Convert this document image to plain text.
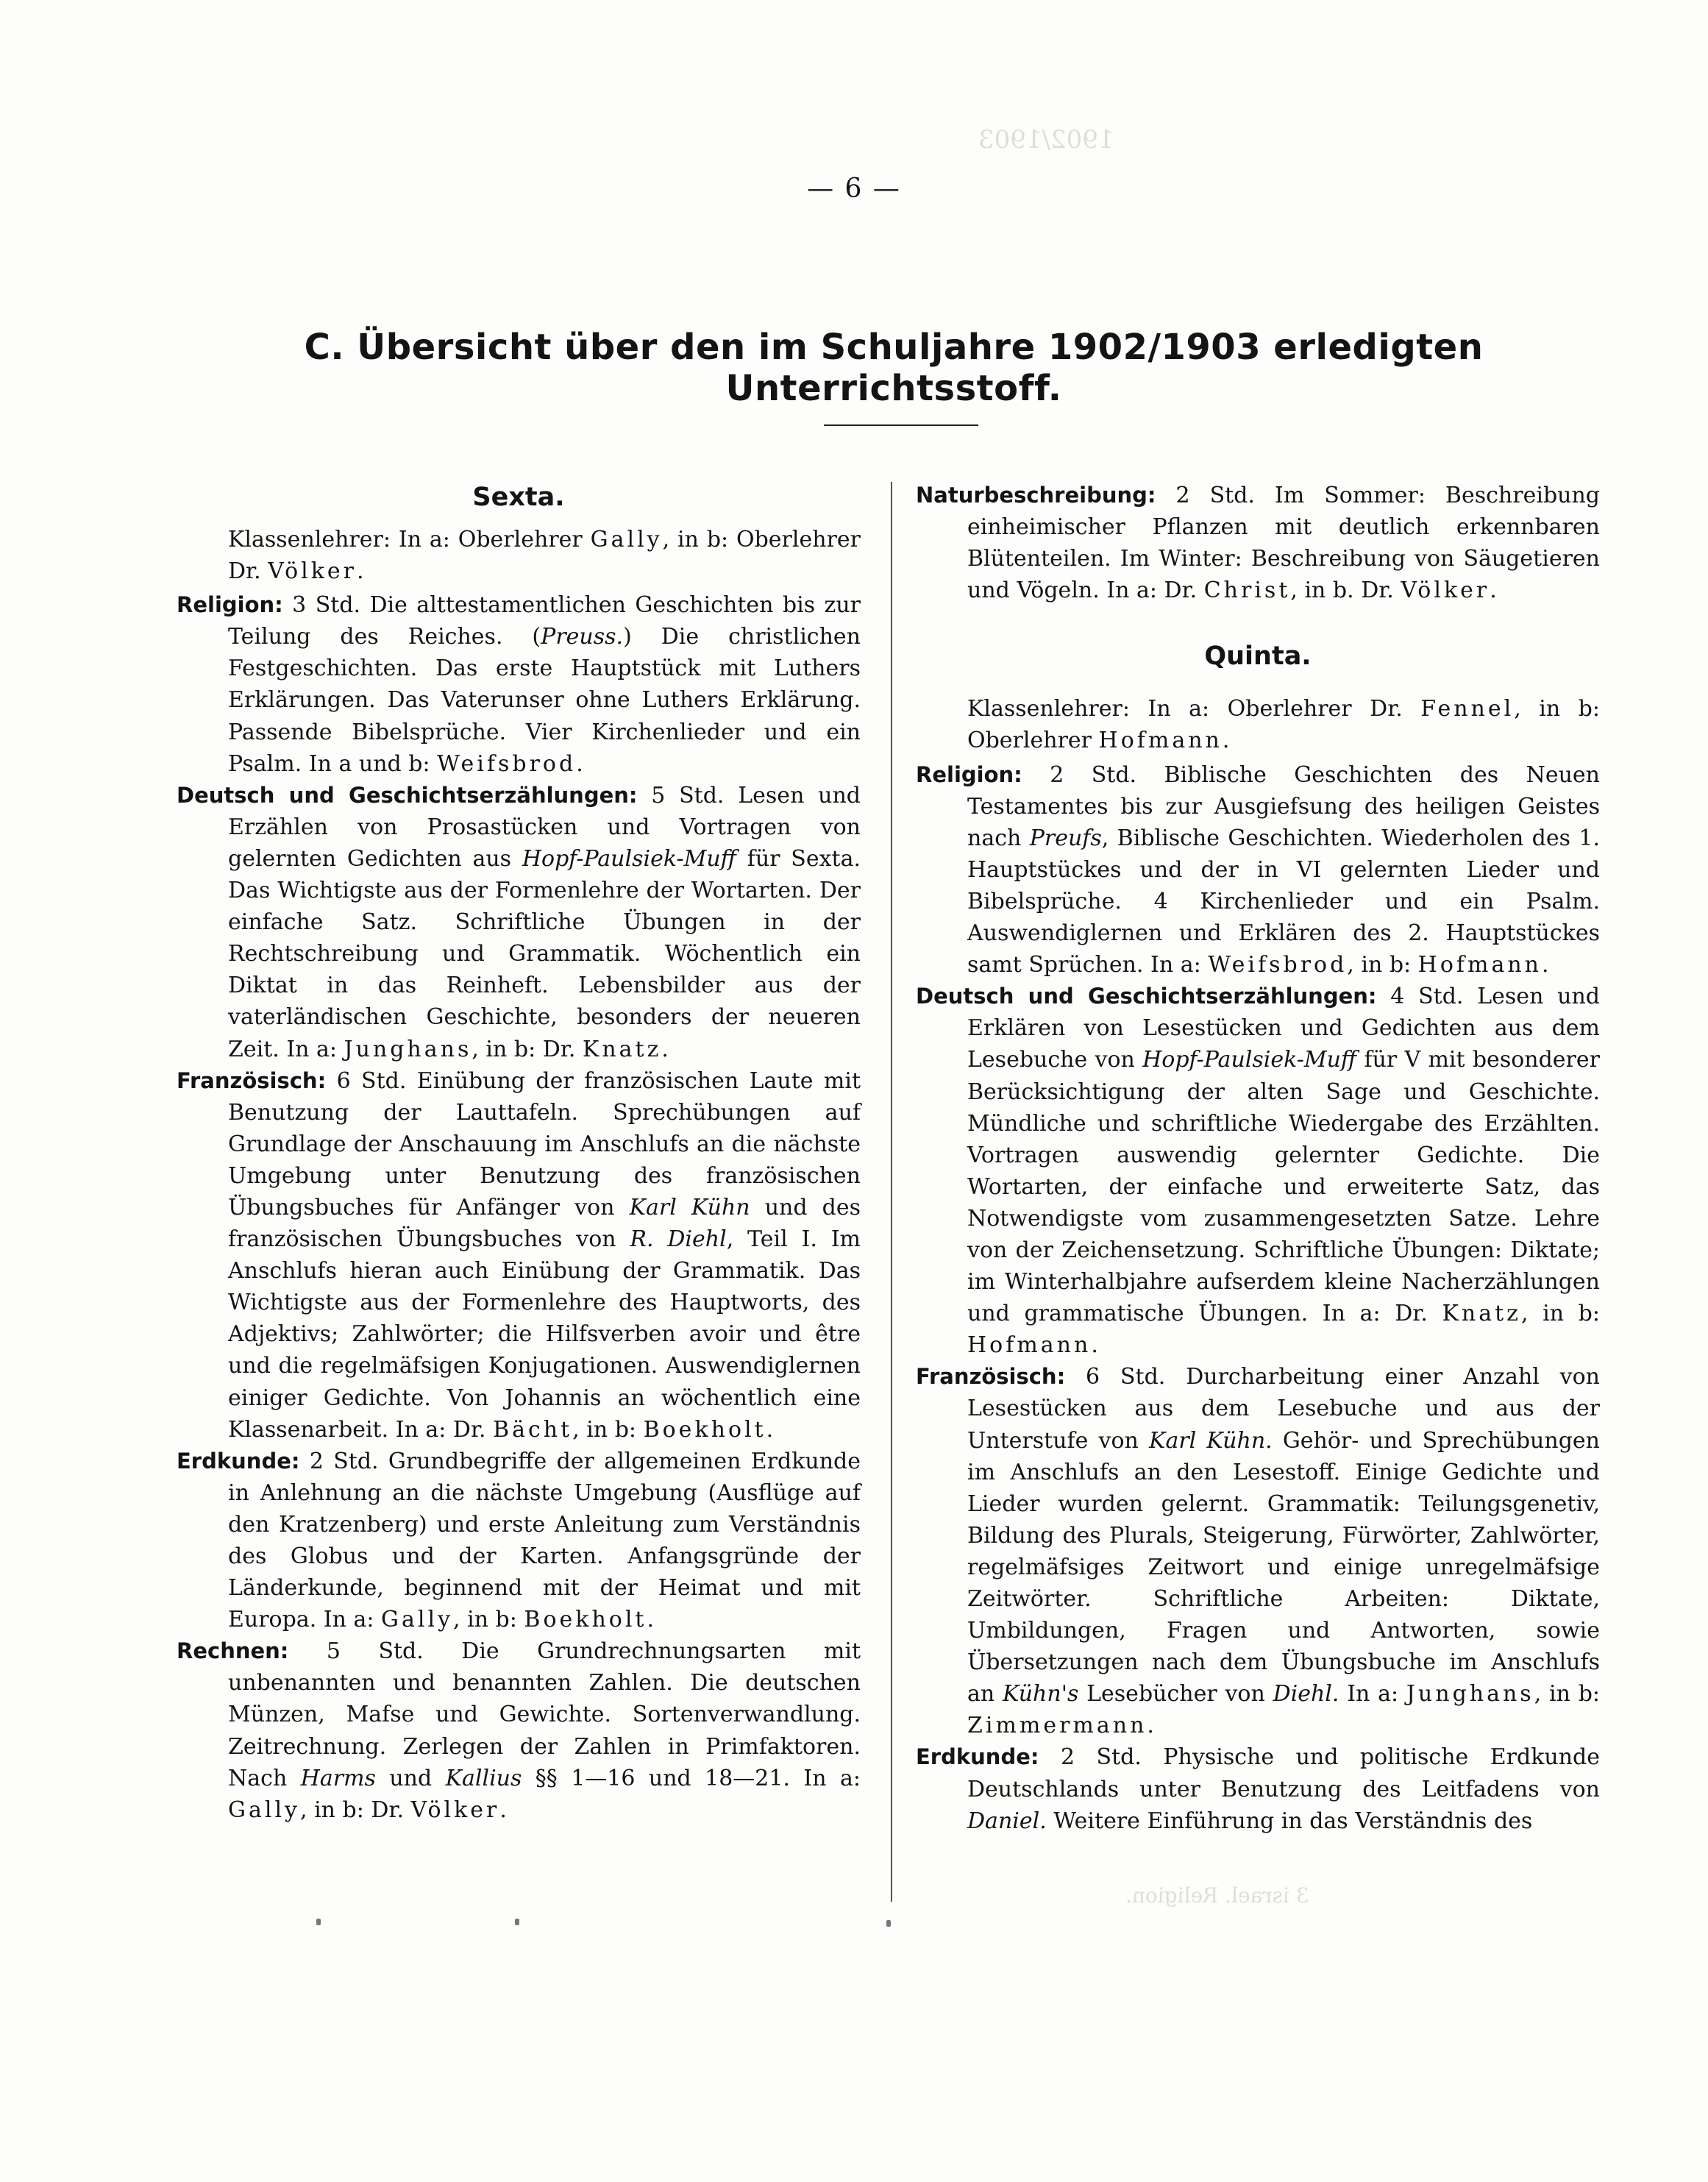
1902/1903
3 israel. Religion.
— 6 —
C. Übersicht über den im Schuljahre 1902/1903 erledigten Unterrichtsstoff.
Sexta.

Klassenlehrer: In a: Oberlehrer Gally, in b: Oberlehrer Dr. Völker.

Religion: 3 Std. Die alttestamentlichen Geschichten bis zur Teilung des Reiches. (Preuss.) Die christlichen Festgeschichten. Das erste Hauptstück mit Luthers Erklärungen. Das Vaterunser ohne Luthers Erklärung. Passende Bibelsprüche. Vier Kirchenlieder und ein Psalm. In a und b: Weifsbrod.

Deutsch und Geschichtserzählungen: 5 Std. Lesen und Erzählen von Prosastücken und Vortragen von gelernten Gedichten aus Hopf-Paulsiek-Muff für Sexta. Das Wichtigste aus der Formenlehre der Wortarten. Der einfache Satz. Schriftliche Übungen in der Rechtschreibung und Grammatik. Wöchentlich ein Diktat in das Reinheft. Lebensbilder aus der vaterländischen Geschichte, besonders der neueren Zeit. In a: Junghans, in b: Dr. Knatz.

Französisch: 6 Std. Einübung der französischen Laute mit Benutzung der Lauttafeln. Sprechübungen auf Grundlage der Anschauung im Anschlufs an die nächste Umgebung unter Benutzung des französischen Übungsbuches für Anfänger von Karl Kühn und des französischen Übungsbuches von R. Diehl, Teil I. Im Anschlufs hieran auch Einübung der Grammatik. Das Wichtigste aus der Formenlehre des Hauptworts, des Adjektivs; Zahlwörter; die Hilfsverben avoir und être und die regelmäfsigen Konjugationen. Auswendiglernen einiger Gedichte. Von Johannis an wöchentlich eine Klassenarbeit. In a: Dr. Bächt, in b: Boekholt.

Erdkunde: 2 Std. Grundbegriffe der allgemeinen Erdkunde in Anlehnung an die nächste Umgebung (Ausflüge auf den Kratzenberg) und erste Anleitung zum Verständnis des Globus und der Karten. Anfangsgründe der Länderkunde, beginnend mit der Heimat und mit Europa. In a: Gally, in b: Boekholt.

Rechnen: 5 Std. Die Grundrechnungsarten mit unbenannten und benannten Zahlen. Die deutschen Münzen, Mafse und Gewichte. Sortenverwandlung. Zeitrechnung. Zerlegen der Zahlen in Primfaktoren. Nach Harms und Kallius §§ 1—16 und 18—21. In a: Gally, in b: Dr. Völker.

Naturbeschreibung: 2 Std. Im Sommer: Beschreibung einheimischer Pflanzen mit deutlich erkennbaren Blütenteilen. Im Winter: Beschreibung von Säugetieren und Vögeln. In a: Dr. Christ, in b. Dr. Völker.

Quinta.

Klassenlehrer: In a: Oberlehrer Dr. Fennel, in b: Oberlehrer Hofmann.

Religion: 2 Std. Biblische Geschichten des Neuen Testamentes bis zur Ausgiefsung des heiligen Geistes nach Preufs, Biblische Geschichten. Wiederholen des 1. Hauptstückes und der in VI gelernten Lieder und Bibelsprüche. 4 Kirchenlieder und ein Psalm. Auswendiglernen und Erklären des 2. Hauptstückes samt Sprüchen. In a: Weifsbrod, in b: Hofmann.

Deutsch und Geschichtserzählungen: 4 Std. Lesen und Erklären von Lesestücken und Gedichten aus dem Lesebuche von Hopf-Paulsiek-Muff für V mit besonderer Berücksichtigung der alten Sage und Geschichte. Mündliche und schriftliche Wiedergabe des Erzählten. Vortragen auswendig gelernter Gedichte. Die Wortarten, der einfache und erweiterte Satz, das Notwendigste vom zusammengesetzten Satze. Lehre von der Zeichensetzung. Schriftliche Übungen: Diktate; im Winterhalbjahre aufserdem kleine Nacherzählungen und grammatische Übungen. In a: Dr. Knatz, in b: Hofmann.

Französisch: 6 Std. Durcharbeitung einer Anzahl von Lesestücken aus dem Lesebuche und aus der Unterstufe von Karl Kühn. Gehör- und Sprechübungen im Anschlufs an den Lesestoff. Einige Gedichte und Lieder wurden gelernt. Grammatik: Teilungsgenetiv, Bildung des Plurals, Steigerung, Fürwörter, Zahlwörter, regelmäfsiges Zeitwort und einige unregelmäfsige Zeitwörter. Schriftliche Arbeiten: Diktate, Umbildungen, Fragen und Antworten, sowie Übersetzungen nach dem Übungsbuche im Anschlufs an Kühn's Lesebücher von Diehl. In a: Junghans, in b: Zimmermann.

Erdkunde: 2 Std. Physische und politische Erdkunde Deutschlands unter Benutzung des Leitfadens von Daniel. Weitere Einführung in das Verständnis des
